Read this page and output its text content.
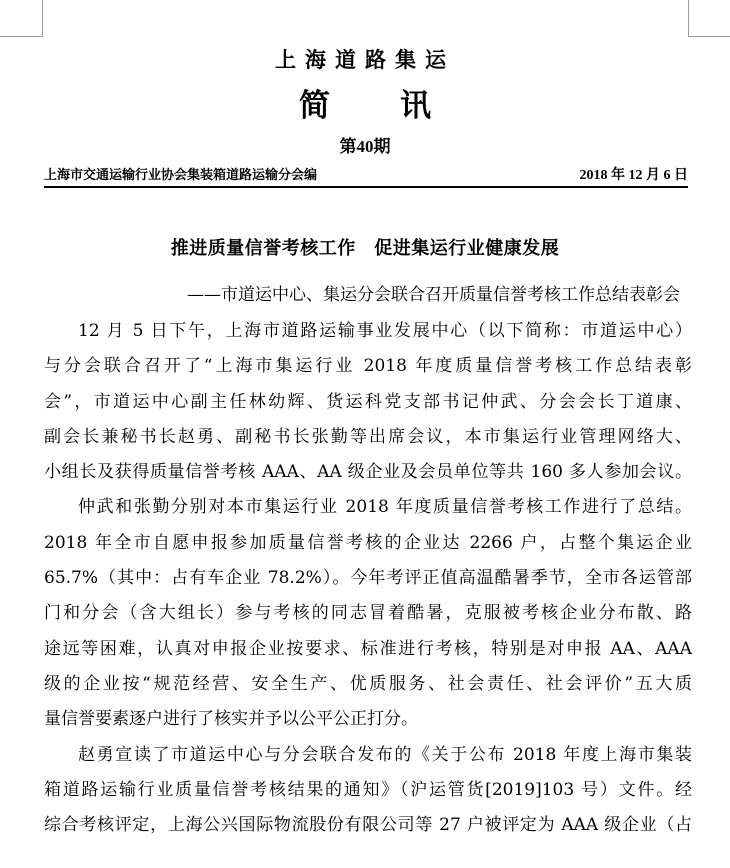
上海道路集运
简 讯
第40期
上海市交通运输行业协会集装箱道路运输分会编	2018 年 12 月 6 日
推进质量信誉考核工作　促进集运行业健康发展
——市道运中心、集运分会联合召开质量信誉考核工作总结表彰会
12 月 5 日下午，上海市道路运输事业发展中心（以下简称：市道运中心）
与分会联合召开了“上海市集运行业 2018 年度质量信誉考核工作总结表彰
会”，市道运中心副主任林幼辉、货运科党支部书记仲武、分会会长丁道康、
副会长兼秘书长赵勇、副秘书长张勤等出席会议，本市集运行业管理网络大、
小组长及获得质量信誉考核 AAA、AA 级企业及会员单位等共 160 多人参加会议。
仲武和张勤分别对本市集运行业 2018 年度质量信誉考核工作进行了总结。
2018 年全市自愿申报参加质量信誉考核的企业达 2266 户，占整个集运企业
65.7%（其中：占有车企业 78.2%）。今年考评正值高温酷暑季节，全市各运管部
门和分会（含大组长）参与考核的同志冒着酷暑，克服被考核企业分布散、路
途远等困难，认真对申报企业按要求、标准进行考核，特别是对申报 AA、AAA
级的企业按“规范经营、安全生产、优质服务、社会责任、社会评价”五大质
量信誉要素逐户进行了核实并予以公平公正打分。
赵勇宣读了市道运中心与分会联合发布的《关于公布 2018 年度上海市集装
箱道路运输行业质量信誉考核结果的通知》（沪运管货[2019]103 号）文件。经
综合考核评定，上海公兴国际物流股份有限公司等 27 户被评定为 AAA 级企业（占
